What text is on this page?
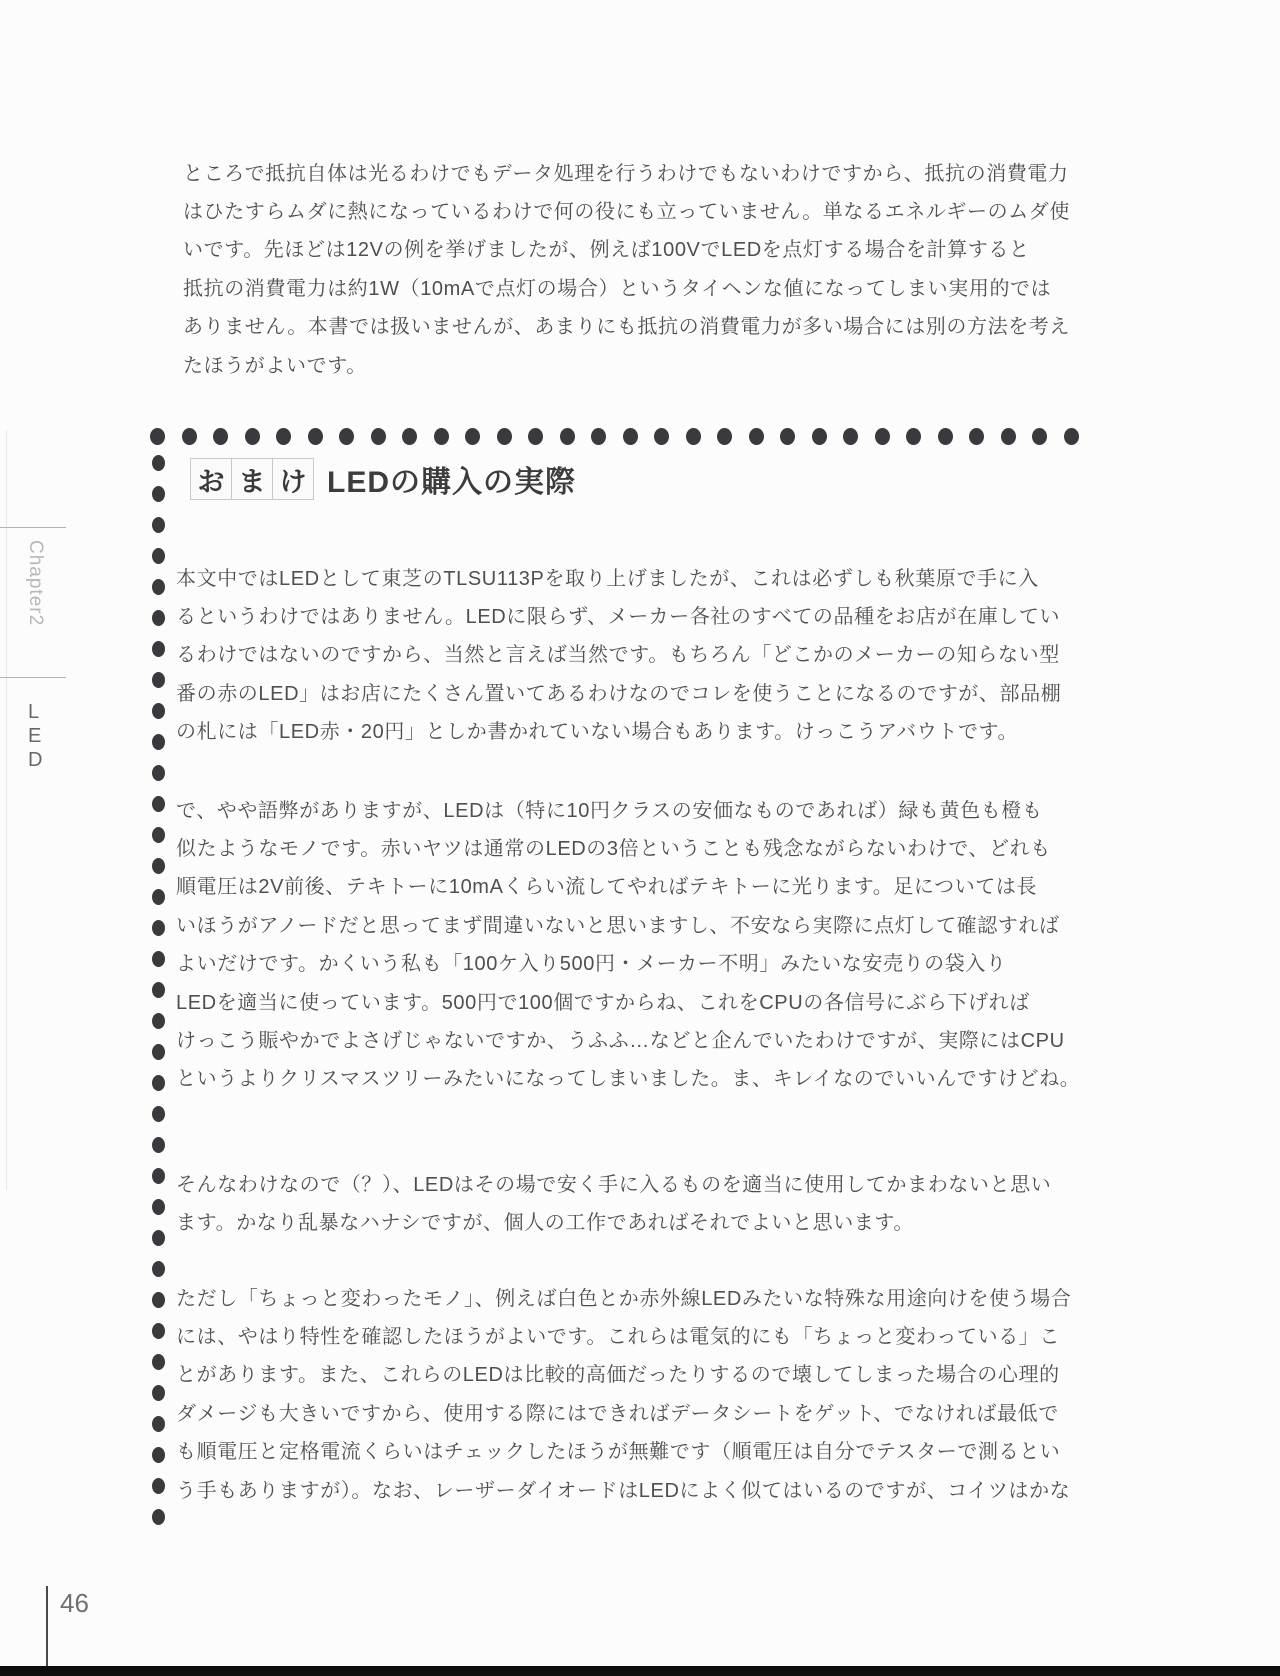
ところで抵抗自体は光るわけでもデータ処理を行うわけでもないわけですから、抵抗の消費電力
はひたすらムダに熱になっているわけで何の役にも立っていません。単なるエネルギーのムダ使
いです。先ほどは12Vの例を挙げましたが、例えば100VでLEDを点灯する場合を計算すると
抵抗の消費電力は約1W（10mAで点灯の場合）というタイヘンな値になってしまい実用的では
ありません。本書では扱いませんが、あまりにも抵抗の消費電力が多い場合には別の方法を考え
たほうがよいです。
お ま け LEDの購入の実際
本文中ではLEDとして東芝のTLSU113Pを取り上げましたが、これは必ずしも秋葉原で手に入
るというわけではありません。LEDに限らず、メーカー各社のすべての品種をお店が在庫してい
るわけではないのですから、当然と言えば当然です。もちろん「どこかのメーカーの知らない型
番の赤のLED」はお店にたくさん置いてあるわけなのでコレを使うことになるのですが、部品棚
の札には「LED赤・20円」としか書かれていない場合もあります。けっこうアバウトです。
で、やや語弊がありますが、LEDは（特に10円クラスの安価なものであれば）緑も黄色も橙も
似たようなモノです。赤いヤツは通常のLEDの3倍ということも残念ながらないわけで、どれも
順電圧は2V前後、テキトーに10mAくらい流してやればテキトーに光ります。足については長
いほうがアノードだと思ってまず間違いないと思いますし、不安なら実際に点灯して確認すれば
よいだけです。かくいう私も「100ケ入り500円・メーカー不明」みたいな安売りの袋入り
LEDを適当に使っています。500円で100個ですからね、これをCPUの各信号にぶら下げれば
けっこう賑やかでよさげじゃないですか、うふふ…などと企んでいたわけですが、実際にはCPU
というよりクリスマスツリーみたいになってしまいました。ま、キレイなのでいいんですけどね。
そんなわけなので（？）、LEDはその場で安く手に入るものを適当に使用してかまわないと思い
ます。かなり乱暴なハナシですが、個人の工作であればそれでよいと思います。
ただし「ちょっと変わったモノ」、例えば白色とか赤外線LEDみたいな特殊な用途向けを使う場合
には、やはり特性を確認したほうがよいです。これらは電気的にも「ちょっと変わっている」こ
とがあります。また、これらのLEDは比較的高価だったりするので壊してしまった場合の心理的
ダメージも大きいですから、使用する際にはできればデータシートをゲット、でなければ最低で
も順電圧と定格電流くらいはチェックしたほうが無難です（順電圧は自分でテスターで測るとい
う手もありますが）。なお、レーザーダイオードはLEDによく似てはいるのですが、コイツはかな
Chapter2
L
E
D
46
